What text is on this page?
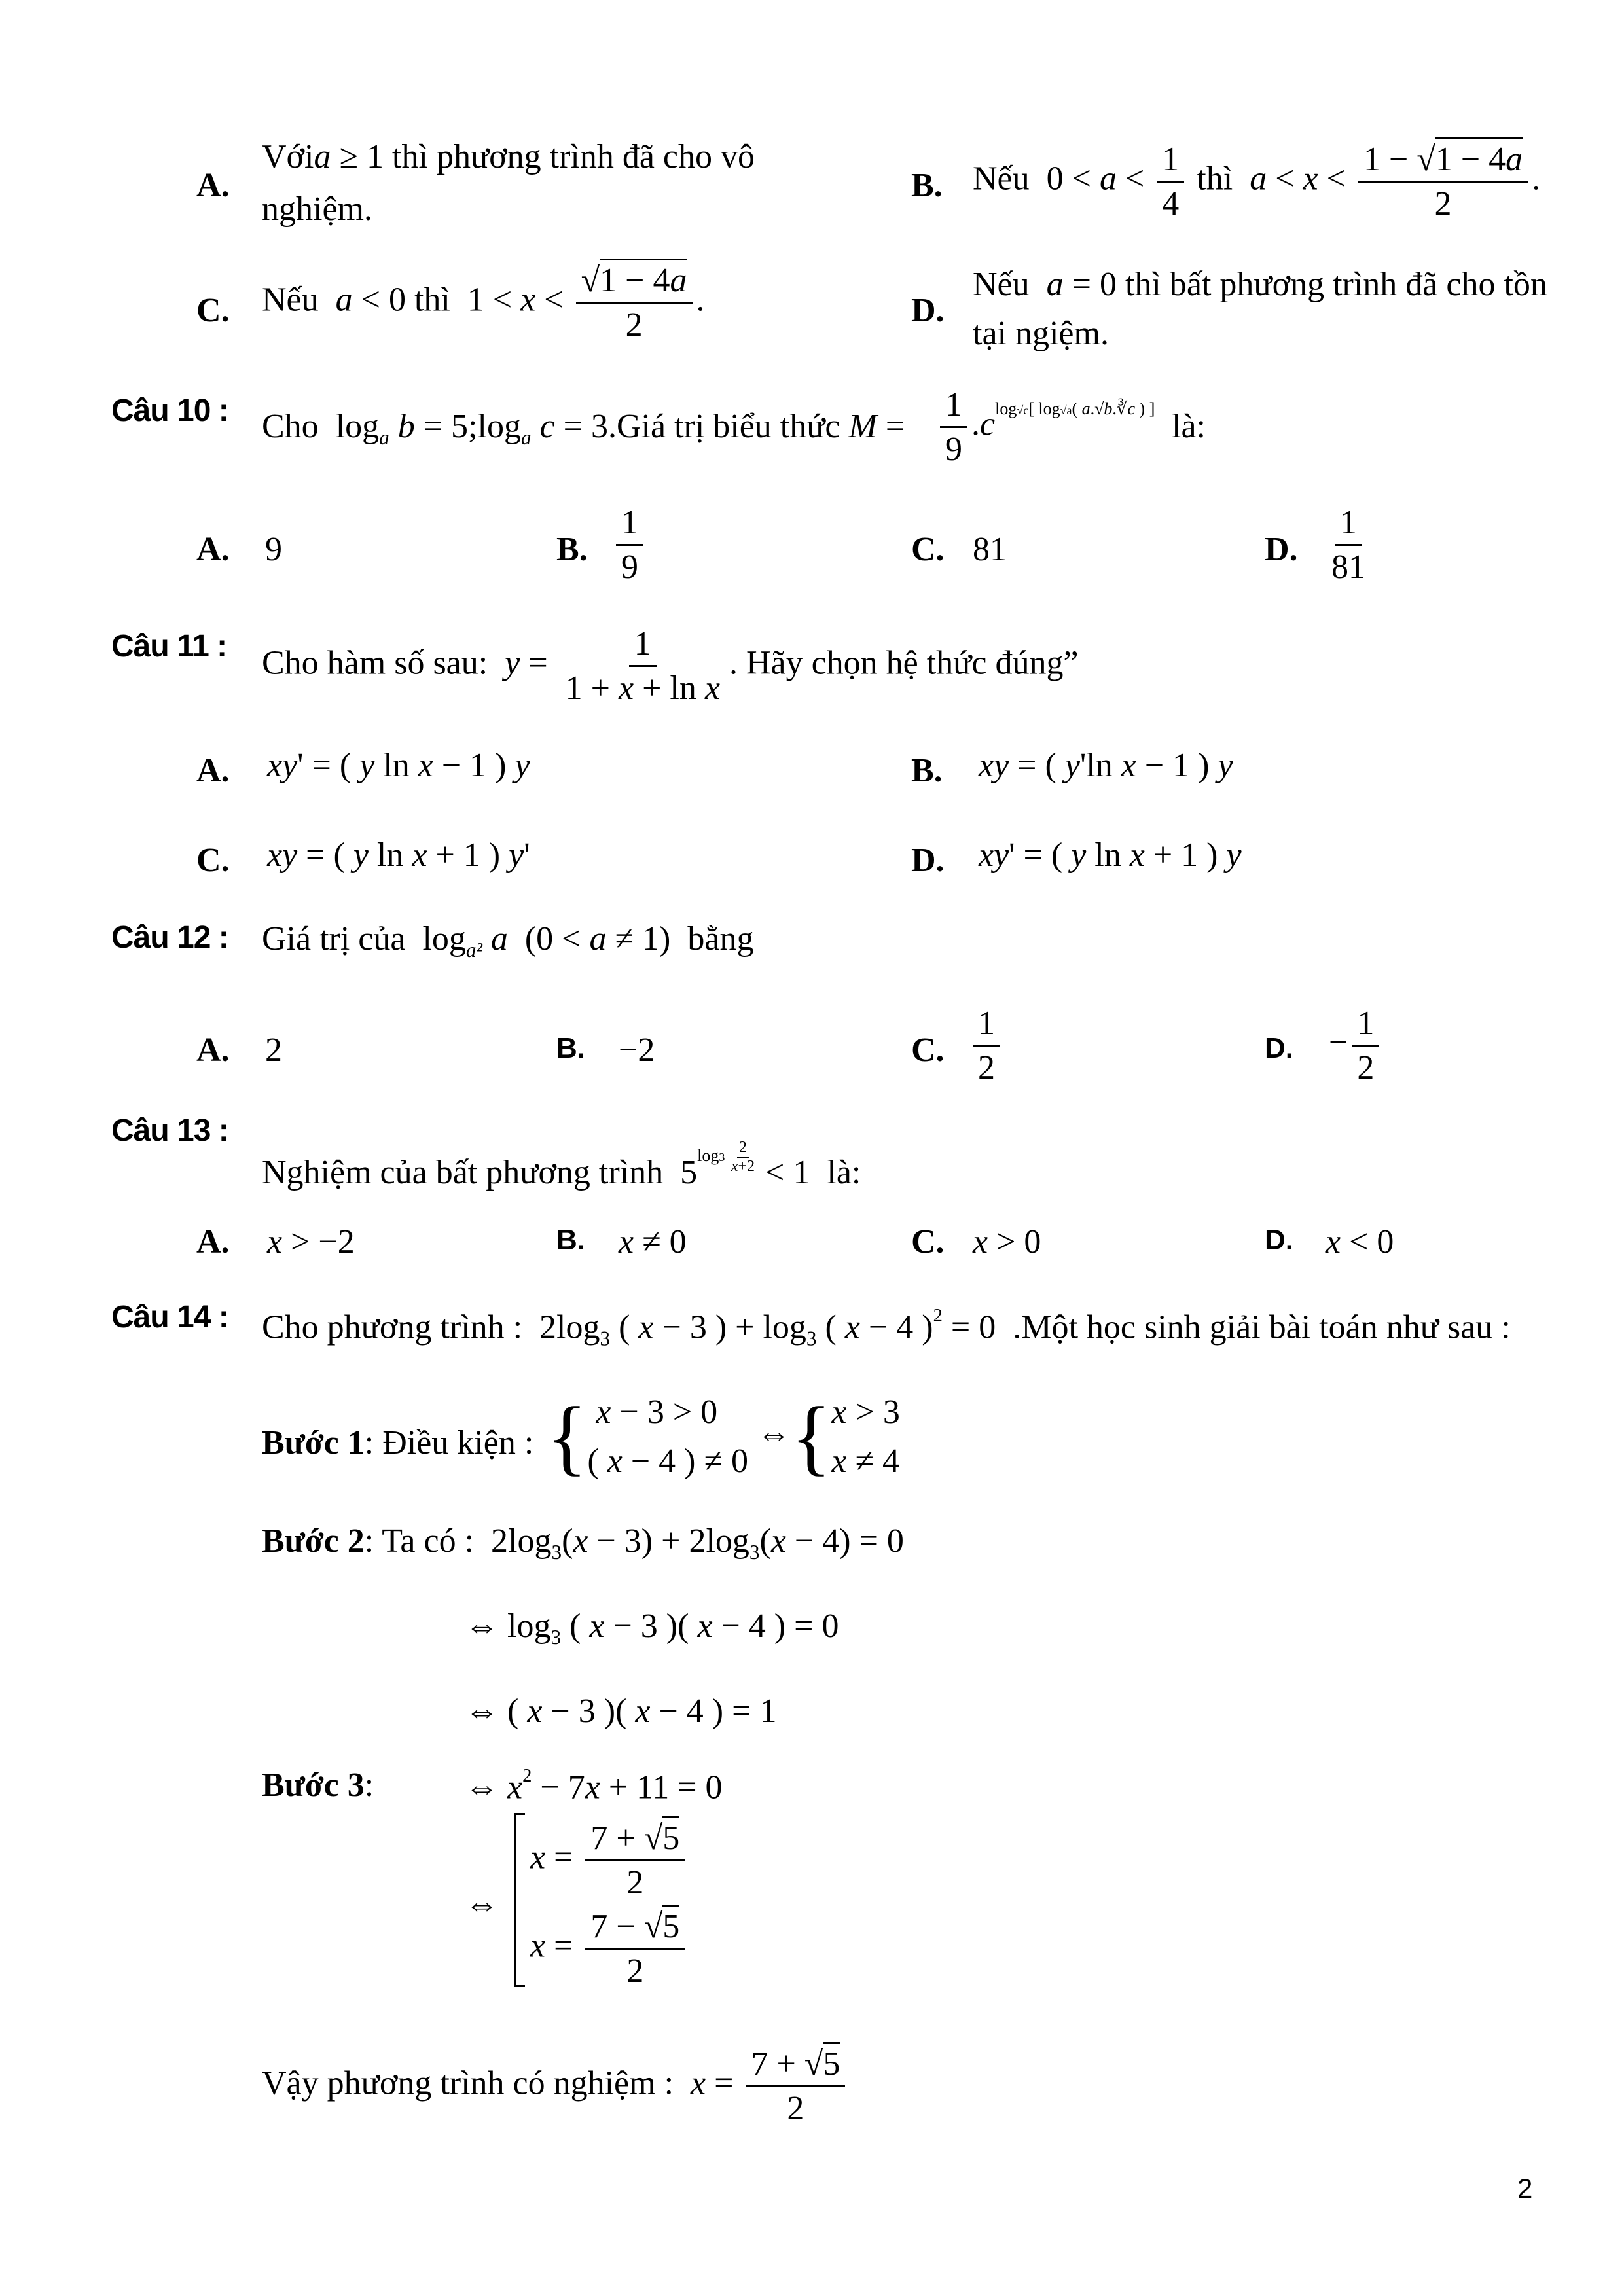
A.
Vớia ≥ 1 thì phương trình đã cho vô
nghiệm.
B. Nếu  $0 < a < \frac{1}{4}$ thì $a < x < \frac{1 - √1 - 4a}{2}$ .
C. Nếu a < 0 thì  $1 < x < \frac{√1 - 4a}{2}$ .	D.
Nếu a = 0 thì bất phương trình đã cho tồn
tại ngiệm.
Câu 10 : Cho  $\log_a b$ = $5;\log_a$ c = 3.Giá trị biểu thức $M = \frac{1}{9} .c^{log√c[ log√a( a.√b.∛c ) ]}$ là:
A. 9	B. $\frac{1}{9}$	C. 81	D. $\frac{1}{81}$
Câu 11 : Cho hàm số sau: $y = \frac{1}{\text{1 + x + ln x}}$ . Hãy chọn hệ thức đúng”
A. xy' = ( y ln x − 1 ) y	B. xy = ( y'ln x − 1 ) y
C. xy = ( y ln x + 1 ) y'	D. xy' = ( y ln x + 1 ) y
Câu 12 : Giá trị của  $\log_{a^2} a$  (0 < a ≠ 1)  bằng
A. 2	B. −2	C. $\frac{1}{2}$	D. − $\frac{1}{2}$
Câu 13 :
Nghiệm của bất phương trình  $5^{log3 \frac{2}{x+2}} < 1$  là:
A. x > −2	B. x ≠ 0	C. x > 0	D. x < 0
Câu 14 : Cho phương trình :  $2\log_3$ ( x − 3 ) + $\log_3$ ( x − 4 )$^2$ = 0  .Một học sinh giải bài toán như sau :
Bước 1: Điều kiện : { x − 3 > 0
( x − 4 ) ≠ 0
⇔{ x > 3
x ≠ 4
Bước 2: Ta có :  $2\log_3(x - 3) + 2\log_3(x - 4) = 0$
⇔ $\log_3$ ( x − 3 )( x − 4 ) = 0
⇔ ( x − 3 )( x − 4 ) = 1
Bước 3:	⇔ $x^2 - 7x + 11 = 0$
⇔
$x = \frac{7 + √5}{2}$
$x = \frac{7 - √5}{2}$
Vậy phương trình có nghiệm : $x = \frac{7 + √5}{2}$
2
